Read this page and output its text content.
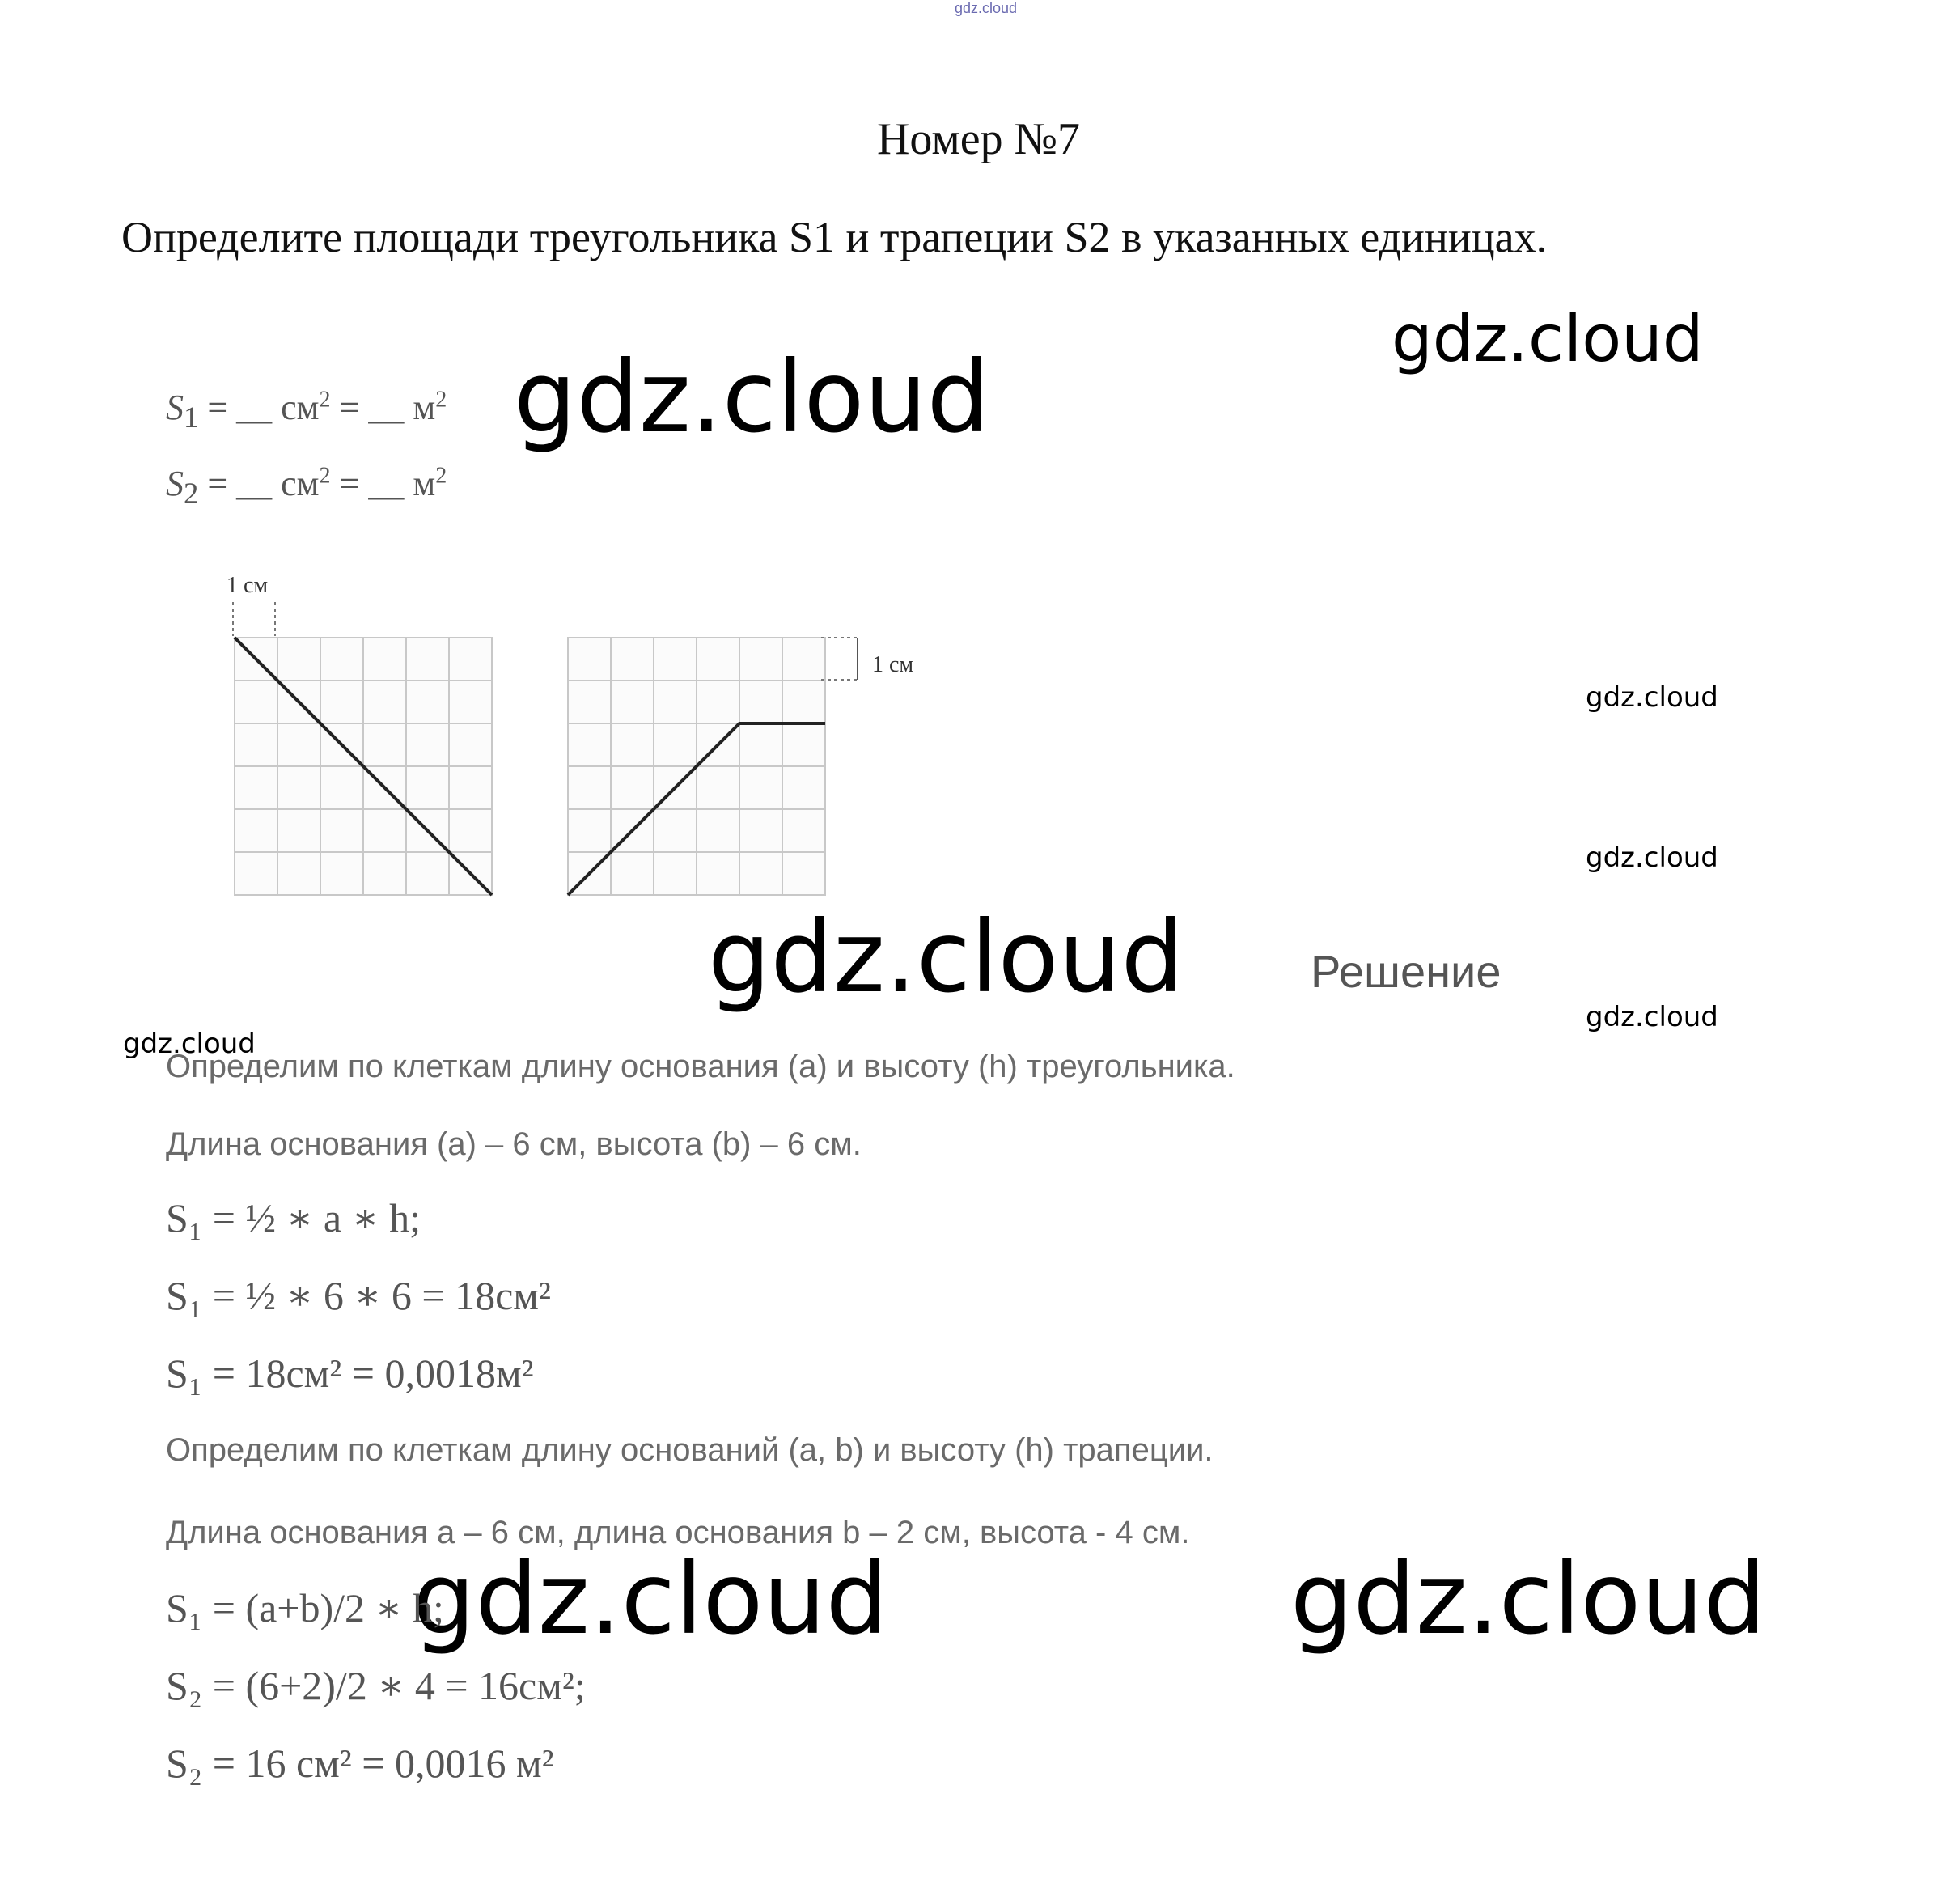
gdz.cloud
Номер №7
Определите площади треугольника S1 и трапеции S2 в указанных единицах.
gdz.cloud
gdz.cloud
gdz.cloud
gdz.cloud
gdz.cloud
gdz.cloud
gdz.cloud
gdz.cloud	gdz.cloud
$S_1$ = __ $см^2$ = __ $м^2$
$S_2$ = __ $см^2$ = __ $м^2$
1 см
1 см
Решение
Определим по клеткам длину основания (a) и высоту (h) треугольника.
Длина основания (a) – 6 см, высота (b) – 6 см.
S₁ = ½ ∗ a ∗ h;
S₁ = ½ ∗ 6 ∗ 6 = 18см²
S₁ = 18см² = 0,0018м²
Определим по клеткам длину оснований (a, b) и высоту (h) трапеции.
Длина основания a – 6 см, длина основания b – 2 см, высота - 4 см.
S₁ = (a+b)/2 ∗ h;
S₂ = (6+2)/2 ∗ 4 = 16см²;
S₂ = 16 см² = 0,0016 м²
